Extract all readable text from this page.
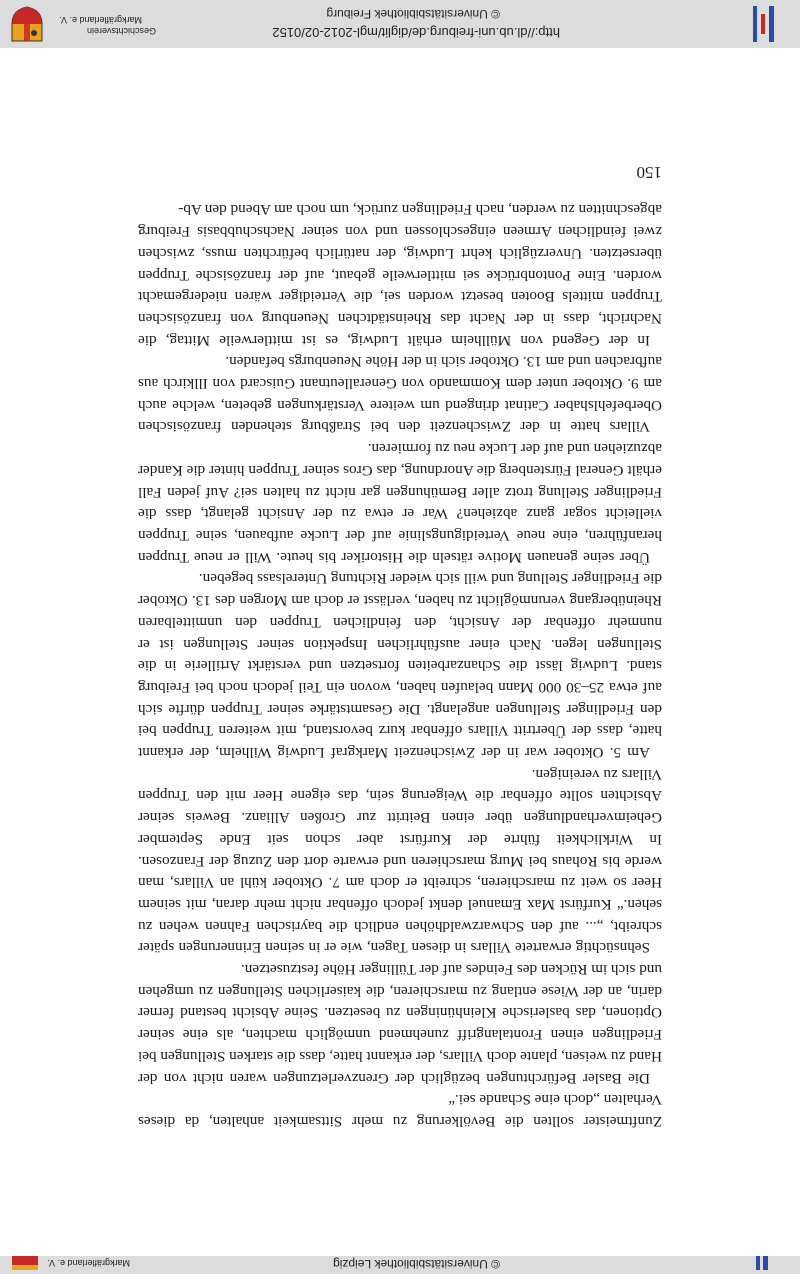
© Universitätsbibliothek Leipzig
Markgräflerland e. V.

Zunftmeister sollten die Bevölkerung zu mehr Sittsamkeit anhalten, da dieses Verhalten „doch eine Schande sei.“

Die Basler Befürchtungen bezüglich der Grenzverletzungen waren nicht von der Hand zu weisen, plante doch Villars, der erkannt hatte, dass die starken Stellungen bei Friedlingen einen Frontalangriff zunehmend unmöglich machten, als eine seiner Optionen, das baslerische Kleinhüningen zu besetzen. Seine Absicht bestand ferner darin, an der Wiese entlang zu marschieren, die kaiserlichen Stellungen zu umgehen und sich im Rücken des Feindes auf der Tüllinger Höhe festzusetzen.

Sehnsüchtig erwartete Villars in diesen Tagen, wie er in seinen Erinnerungen später schreibt, „... auf den Schwarzwaldhöhen endlich die bayrischen Fahnen wehen zu sehen.“ Kurfürst Max Emanuel denkt jedoch offenbar nicht mehr daran, mit seinem Heer so weit zu marschieren, schreibt er doch am 7. Oktober kühl an Villars, man werde bis Rohaus bei Murg marschieren und erwarte dort den Zuzug der Franzosen. In Wirklichkeit führte der Kurfürst aber schon seit Ende September Geheimverhandlungen über einen Beitritt zur Großen Allianz. Beweis seiner Absichten sollte offenbar die Weigerung sein, das eigene Heer mit den Truppen Villars zu vereinigen.

Am 5. Oktober war in der Zwischenzeit Markgraf Ludwig Wilhelm, der erkannt hatte, dass der Übertritt Villars offenbar kurz bevorstand, mit weiteren Truppen bei den Friedlinger Stellungen angelangt. Die Gesamtstärke seiner Truppen dürfte sich auf etwa 25–30 000 Mann belaufen haben, wovon ein Teil jedoch noch bei Freiburg stand. Ludwig lässt die Schanzarbeiten fortsetzen und verstärkt Artillerie in die Stellungen legen. Nach einer ausführlichen Inspektion seiner Stellungen ist er nunmehr offenbar der Ansicht, den feindlichen Truppen den unmittelbaren Rheinübergang verunmöglicht zu haben, verlässt er doch am Morgen des 13. Oktober die Friedlinger Stellung und will sich wieder Richtung Unterelsass begeben.

Über seine genauen Motive rätseln die Historiker bis heute. Will er neue Truppen heranführen, eine neue Verteidigungslinie auf der Lucke aufbauen, seine Truppen vielleicht sogar ganz abziehen? War er etwa zu der Ansicht gelangt, dass die Friedlinger Stellung trotz aller Bemühungen gar nicht zu halten sei? Auf jeden Fall erhält General Fürstenberg die Anordnung, das Gros seiner Truppen hinter die Kander abzuziehen und auf der Lucke neu zu formieren.

Villars hatte in der Zwischenzeit den bei Straßburg stehenden französischen Oberbefehlshaber Catinat dringend um weitere Verstärkungen gebeten, welche auch am 9. Oktober unter dem Kommando von Generalleutnant Guiscard von Illkirch aus aufbrachen und am 13. Oktober sich in der Höhe Neuenburgs befanden.

In der Gegend von Müllheim erhält Ludwig, es ist mittlerweile Mittag, die Nachricht, dass in der Nacht das Rheinstädtchen Neuenburg von französischen Truppen mittels Booten besetzt worden sei, die Verteidiger wären niedergemacht worden. Eine Pontonbrücke sei mittlerweile gebaut, auf der französische Truppen übersetzten. Unverzüglich kehrt Ludwig, der natürlich befürchten muss, zwischen zwei feindlichen Armeen eingeschlossen und von seiner Nachschubbasis Freiburg abgeschnitten zu werden, nach Friedlingen zurück, um noch am Abend den Ab-

150
http://dl.ub.uni-freiburg.de/diglit/mgl-2012-02/0152
© Universitätsbibliothek Freiburg
Geschichtsverein
Markgräflerland e. V.
